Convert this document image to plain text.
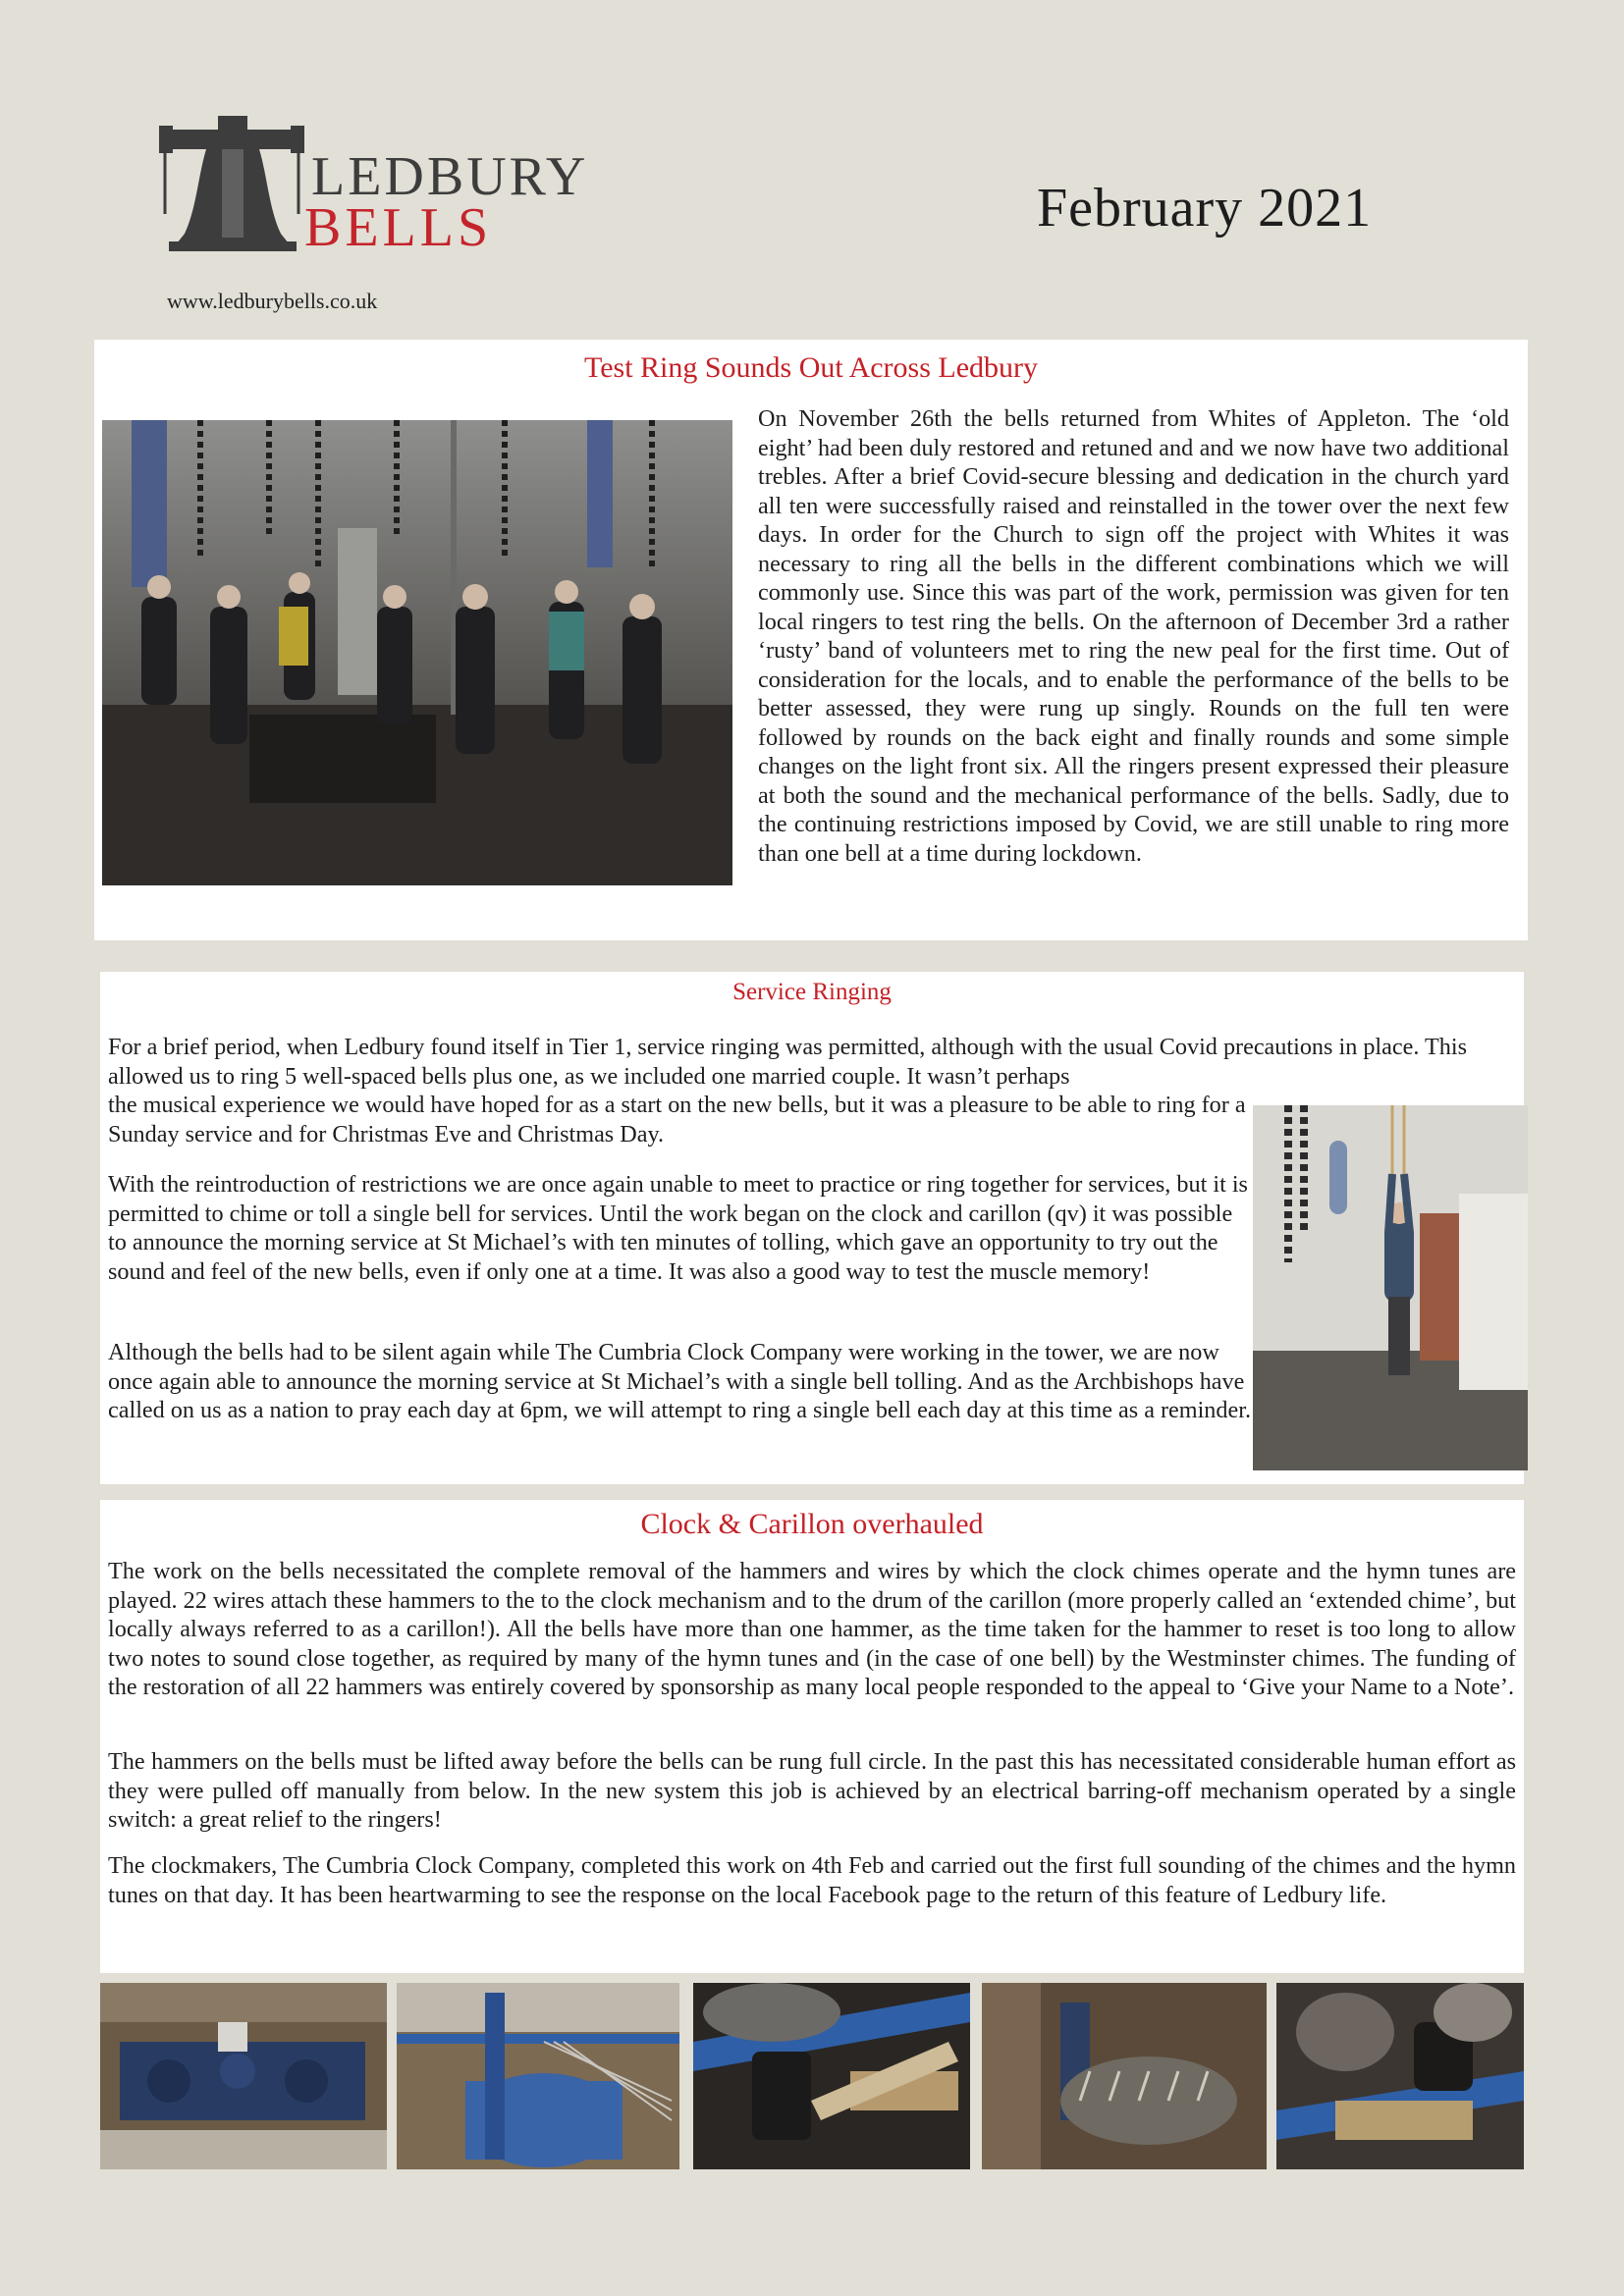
LEDBURY
BELLS
www.ledburybells.co.uk
February 2021
Test Ring Sounds Out Across Ledbury
On November 26th the bells returned from Whites of Appleton. The ‘old eight’ had been duly restored and retuned and and we now have two additional trebles. After a brief Covid-secure blessing and dedication in the church yard all ten were successfully raised and reinstalled in the tower over the next few days. In order for the Church to sign off the project with Whites it was necessary to ring all the bells in the different combinations which we will commonly use. Since this was part of the work, permission was given for ten local ringers to test ring the bells. On the afternoon of December 3rd a rather ‘rusty’ band of volunteers met to ring the new peal for the first time. Out of consideration for the locals, and to enable the performance of the bells to be better assessed, they were rung up singly. Rounds on the full ten were followed by rounds on the back eight and finally rounds and some simple changes on the light front six. All the ringers present expressed their pleasure at both the sound and the mechanical performance of the bells. Sadly, due to the continuing restrictions imposed by Covid, we are still unable to ring more than one bell at a time during lockdown.
Service Ringing
For a brief period, when Ledbury found itself in Tier 1, service ringing was permitted, although with the usual Covid precautions in place. This allowed us to ring 5 well-spaced bells plus one, as we included one married couple. It wasn’t perhaps
the musical experience we would have hoped for as a start on the new bells, but it was a pleasure to be able to ring for a Sunday service and for Christmas Eve and Christmas Day.
With the reintroduction of restrictions we are once again unable to meet to practice or ring together for services, but it is permitted to chime or toll a single bell for services. Until the work began on the clock and carillon (qv) it was possible to announce the morning service at St Michael’s with ten minutes of tolling, which gave an opportunity to try out the sound and feel of the new bells, even if only one at a time. It was also a good way to test the muscle memory!
Although the bells had to be silent again while The Cumbria Clock Company were working in the tower, we are now once again able to announce the morning service at St Michael’s with a single bell tolling. And as the Archbishops have called on us as a nation to pray each day at 6pm, we will attempt to ring a single bell each day at this time as a reminder.
Clock & Carillon overhauled
The work on the bells necessitated the complete removal of the hammers and wires by which the clock chimes operate and the hymn tunes are played. 22 wires attach these hammers to the to the clock mechanism and to the drum of the carillon (more properly called an ‘extended chime’, but locally always referred to as a carillon!). All the bells have more than one hammer, as the time taken for the hammer to reset is too long to allow two notes to sound close together, as required by many of the hymn tunes and (in the case of one bell) by the Westminster chimes. The funding of the restoration of all 22 hammers was entirely covered by sponsorship as many local people responded to the appeal to ‘Give your Name to a Note’.
The hammers on the bells must be lifted away before the bells can be rung full circle. In the past this has necessitated considerable human effort as they were pulled off manually from below. In the new system this job is achieved by an electrical barring-off mechanism operated by a single switch: a great relief to the ringers!
The clockmakers, The Cumbria Clock Company, completed this work on 4th Feb and carried out the first full sounding of the chimes and the hymn tunes on that day. It has been heartwarming to see the response on the local Facebook page to the return of this feature of Ledbury life.
